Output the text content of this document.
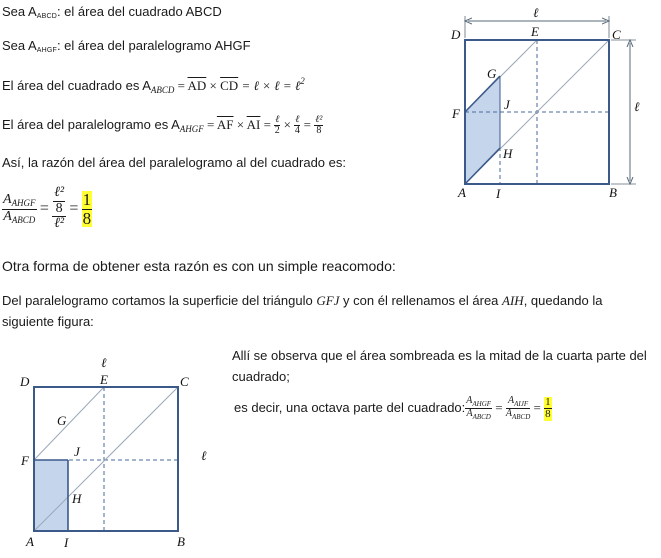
Sea $A_{ABCD}$: el área del cuadrado ABCD
Sea $A_{AHGF}$: el área del paralelogramo AHGF
El área del cuadrado es $A_{ABCD} = \overline{AD} \times \overline{CD}$ = ℓ × ℓ = ℓ$^2$
El área del paralelogramo es $A_{AHGF} = \overline{AF} \times \overline{AI} = \frac{\text{ℓ}}{2} \times \frac{\text{ℓ}}{4} = \frac{\text{ℓ²}}{8}$
Así, la razón del área del paralelogramo al del cuadrado es:
$\frac{A_{AHGF}}{A_{ABCD}} = \frac{\frac{\text{ℓ²}}{8}}{\text{ℓ²}} = \frac{1}{8}$
Otra forma de obtener esta razón es con un simple reacomodo:
Del paralelogramo cortamos la superficie del triángulo GFJ y con él rellenamos el área AIH, quedando la
siguiente figura:
Allí se observa que el área sombreada es la mitad de la cuarta parte del
cuadrado;
es decir, una octava parte del cuadrado: $\frac{A_{AHGF}}{A_{ABCD}} = \frac{A_{AIJF}}{A_{ABCD}} = \frac{1}{8}$
ℓ
ℓ
D	E	C
G
J
F
H
A I	B
ℓ
ℓ
D	E	C
G
J
F
H
A I	B
